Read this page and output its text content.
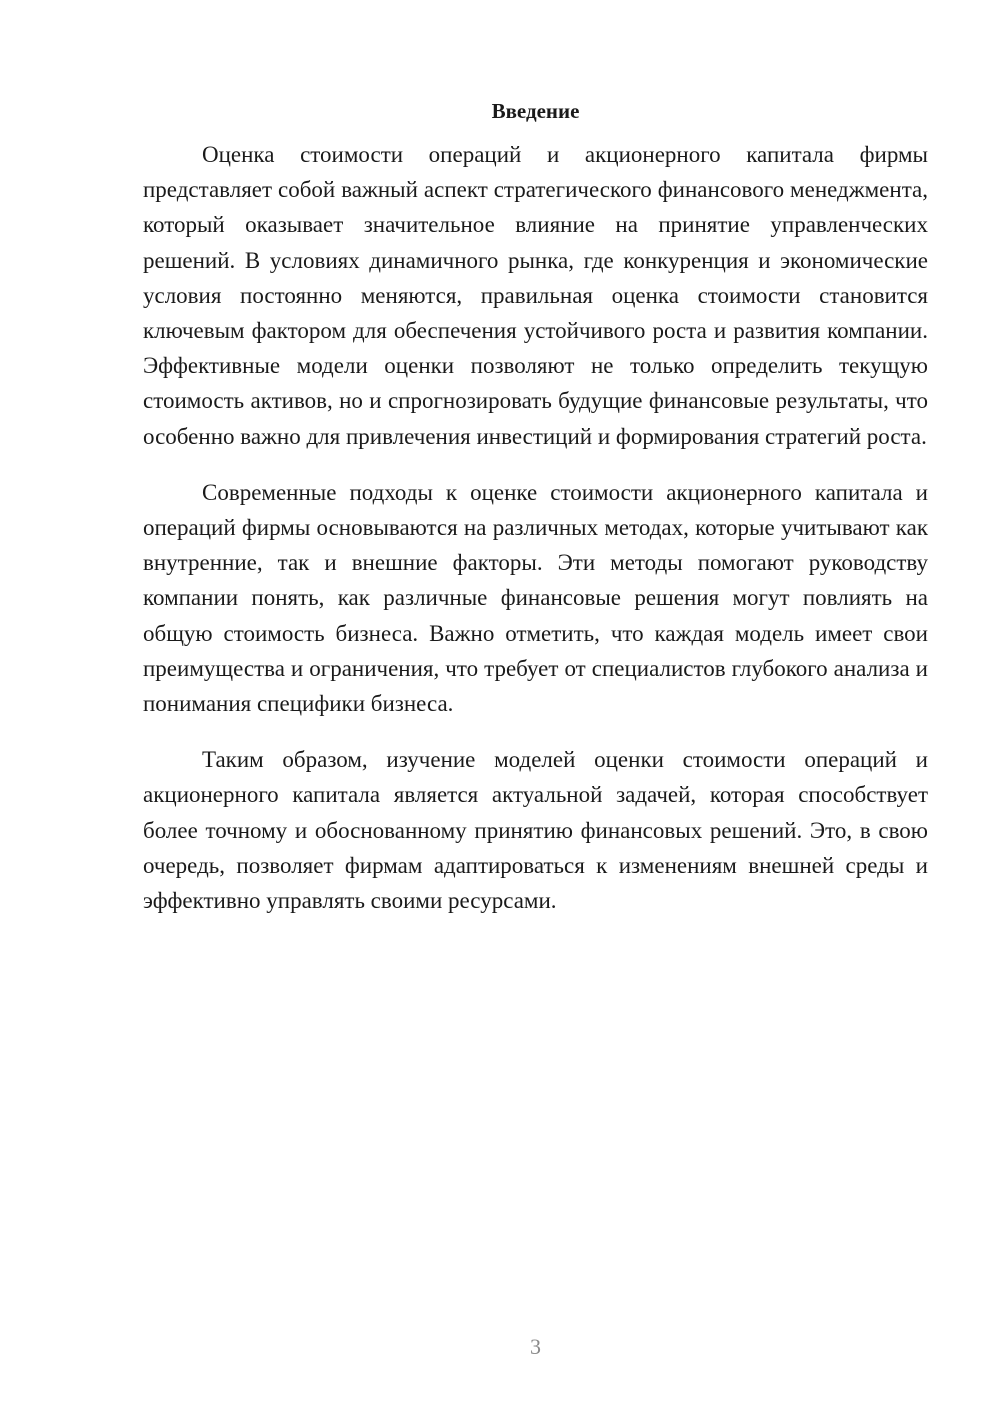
Введение

Оценка стоимости операций и акционерного капитала фирмы представляет собой важный аспект стратегического финансового менеджмента, который оказывает значительное влияние на принятие управленческих решений. В условиях динамичного рынка, где конкуренция и экономические условия постоянно меняются, правильная оценка стоимости становится ключевым фактором для обеспечения устойчивого роста и развития компании. Эффективные модели оценки позволяют не только определить текущую стоимость активов, но и спрогнозировать будущие финансовые результаты, что особенно важно для привлечения инвестиций и формирования стратегий роста.

Современные подходы к оценке стоимости акционерного капитала и операций фирмы основываются на различных методах, которые учитывают как внутренние, так и внешние факторы. Эти методы помогают руководству компании понять, как различные финансовые решения могут повлиять на общую стоимость бизнеса. Важно отметить, что каждая модель имеет свои преимущества и ограничения, что требует от специалистов глубокого анализа и понимания специфики бизнеса.

Таким образом, изучение моделей оценки стоимости операций и акционерного капитала является актуальной задачей, которая способствует более точному и обоснованному принятию финансовых решений. Это, в свою очередь, позволяет фирмам адаптироваться к изменениям внешней среды и эффективно управлять своими ресурсами.

3
